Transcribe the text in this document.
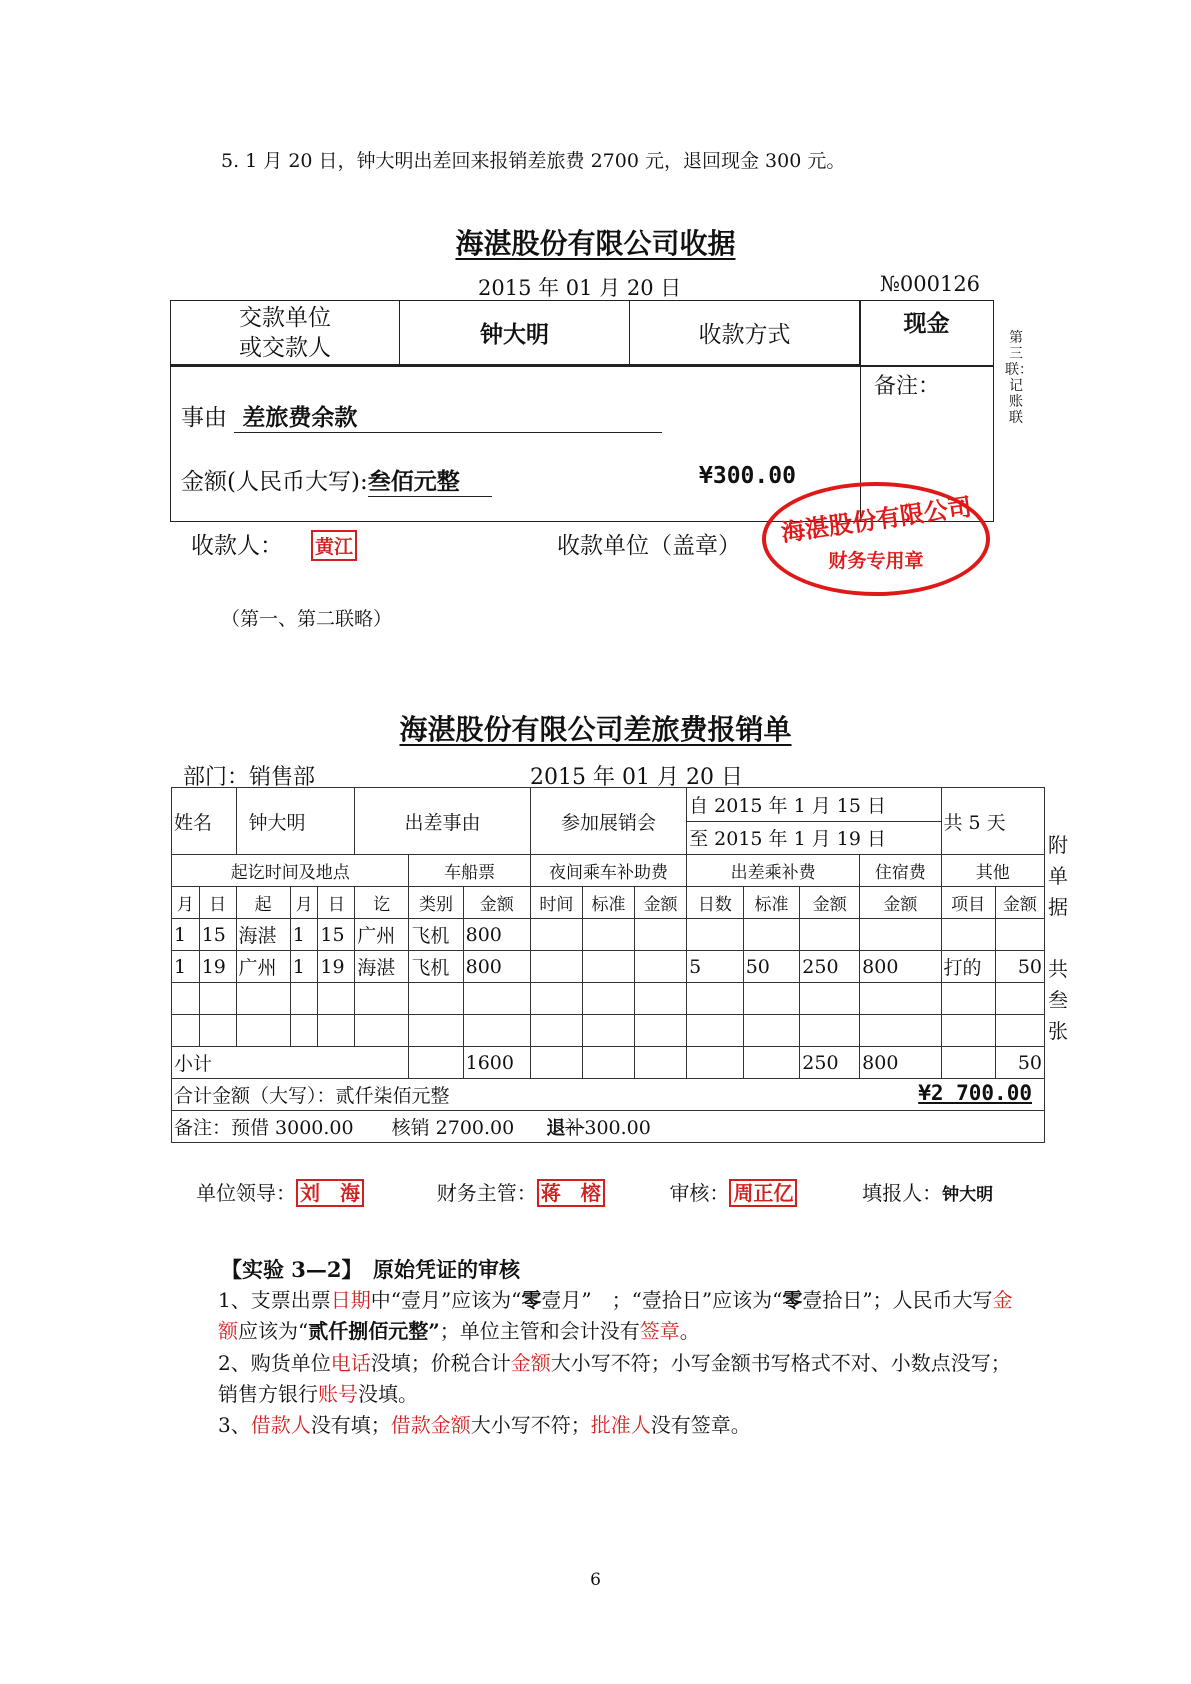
5. 1 月 20 日，钟大明出差回来报销差旅费 2700 元，退回现金 300 元。
海湛股份有限公司收据
2015 年 01 月 20 日	№000126
交款单位
或交款人	钟大明	收款方式	现金
备注：
事由 差旅费余款
金额(人民币大写):叁佰元整	¥300.00
第三联：记账联
收款人： 黄江	收款单位（盖章）	海湛股份有限公司
财务专用章
（第一、第二联略）
海湛股份有限公司差旅费报销单
部门：销售部	2015 年 01 月 20 日
姓名		钟大明			出差事由			参加展销会			自 2015 年 1 月 15 日				共 5 天	
											至 2015 年 1 月 19 日					
起讫时间及地点						车船票		夜间乘车补助费			出差乘补费			住宿费	其他	
月	日	起	月	日	讫	类别	金额	时间	标准	金额	日数	标准	金额	金额	项目	金额
1	15	海湛	1	15	广州	飞机	800									
1	19	广州	1	19	海湛	飞机	800				5	50	250	800	打的	50

小计							1600						250	800		50
合计金额（大写）：贰仟柒佰元整 ¥2 700.00																

备注：预借 3000.00　　核销 2700.00 退补300.00																
附单据
共叁张
单位领导： 刘　海	财务主管： 蒋　榕	审核： 周正亿	填报人：钟大明
【实验 3—2】　原始凭证的审核
1、支票出票日期中“壹月”应该为“零壹月”　；“壹拾日”应该为“零壹拾日”；人民币大写金额应该为“贰仟捌佰元整”；单位主管和会计没有签章。
2、购货单位电话没填；价税合计金额大小写不符；小写金额书写格式不对、小数点没写；销售方银行账号没填。
3、借款人没有填；借款金额大小写不符；批准人没有签章。
6
